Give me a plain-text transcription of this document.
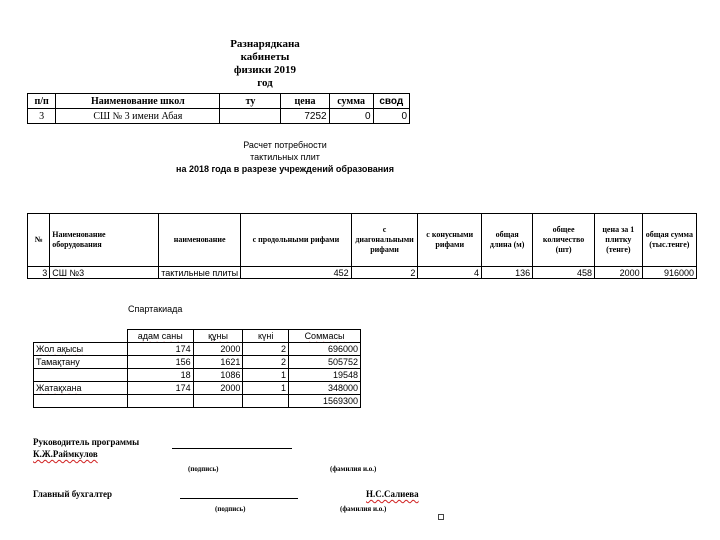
Разнарядкана
кабинеты
физики 2019
год
п/п	Наименование школ	ту	цена	сумма	свод
3	СШ № 3 имени Абая		7252	0	0
Расчет потребности
тактильных плит
на 2018 года в разрезе учреждений образования
№	Наименование оборудования	наименование	с продольными рифами	с диагональными рифами	с конусными рифами	общая длина (м)	общее количество (шт)	цена за 1 плитку (тенге)	общая сумма (тыс.тенге)
3	СШ №3	тактильные плиты	452	2	4	136	458	2000	916000
Спартакиада
	адам саны	құны	күні	Соммасы
Жол ақысы	174	2000	2	696000
Тамақтану	156	1621	2	505752
	18	1086	1	19548
Жатақхана	174	2000	1	348000
				1569300
Руководитель программы
К.Ж.Раймкулов
(подпись)	(фамилия и.о.)
Главный бухгалтер	Н.С.Салиева
(подпись)	(фамилия и.о.)
